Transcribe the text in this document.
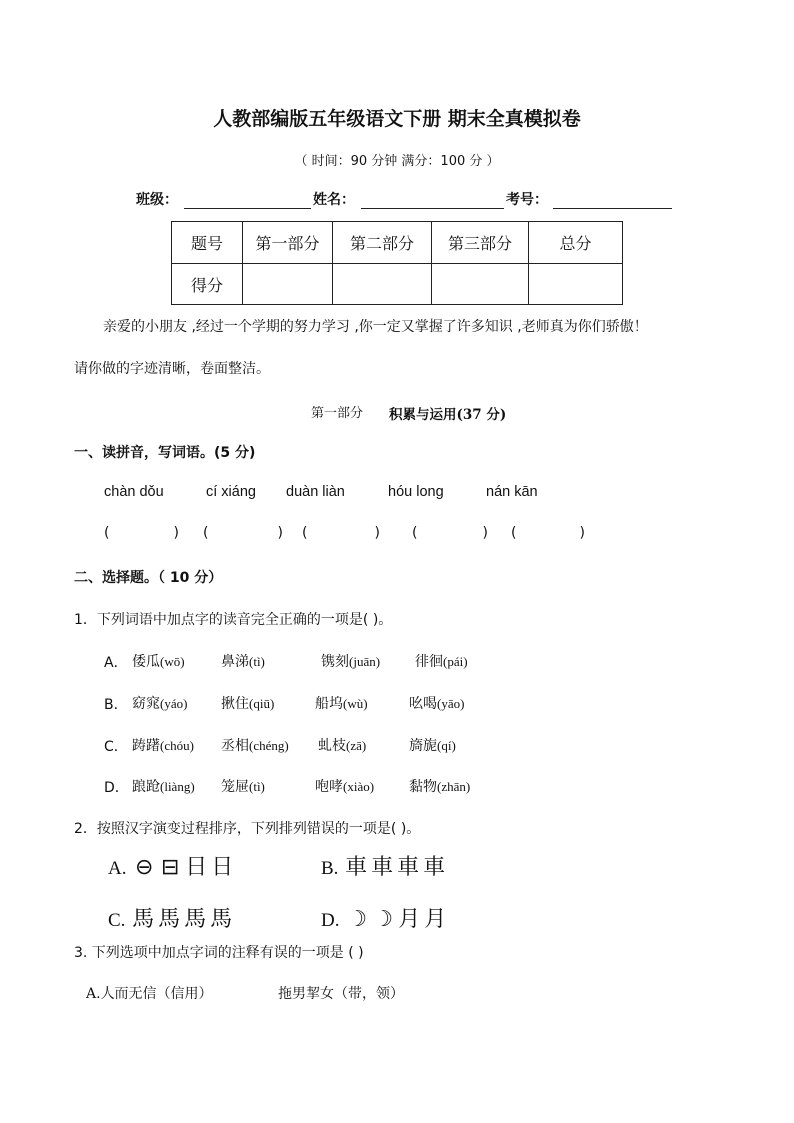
人教部编版五年级语文下册 期末全真模拟卷
（ 时间：90 分钟 满分：100 分 ）
班级：	姓名：	考号：
题号	第一部分	第二部分	第三部分	总分
得分				
亲爱的小朋友 ,经过一个学期的努力学习 ,你一定又掌握了许多知识 ,老师真为你们骄傲！
请你做的字迹清晰，卷面整洁。
第一部分 积累与运用(37 分)
一、读拼音，写词语。(5 分)
chàn dǒu	cí xiáng duàn liàn	hóu long	nán kān
(	) (	) (	) (	) (	)
二、选择题。（ 10 分）
1．下列词语中加点字的读音完全正确的一项是( )。
A． 倭瓜(wō)	鼻涕(tì)	镌刻(juān) 徘徊(pái)
B． 窈窕(yáo) 揪住(qiū)	船坞(wù)	吆喝(yāo)
C． 踌躇(chóu) 丞相(chéng) 虬枝(zā)	旖旎(qí)
D． 踉跄(liàng) 笼屉(tì)	咆哮(xiào) 黏物(zhān)
2．按照汉字演变过程排序，下列排列错误的一项是( )。
A. ⊖ ⊟ 日 日	B. 車 車 車 車
C. 馬 馬 馬 馬	D. ☽ ☽ 月 月
3. 下列选项中加点字词的注释有误的一项是 ( )
A.人而无信（信用）	拖男挈女（带，领）
